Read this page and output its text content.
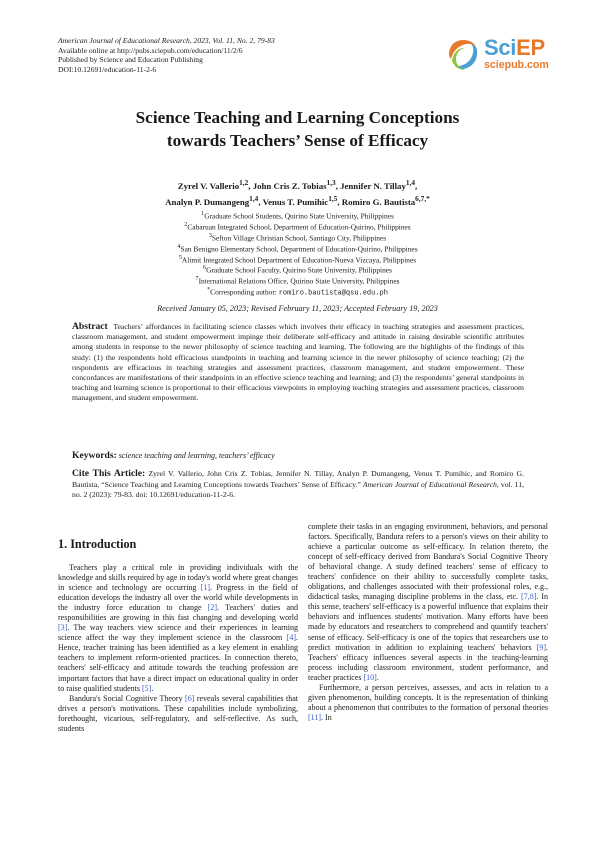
American Journal of Educational Research, 2023, Vol. 11, No. 2, 79-83
Available online at http://pubs.sciepub.com/education/11/2/6
Published by Science and Education Publishing
DOI:10.12691/education-11-2-6
SciEP
sciepub.com
Science Teaching and Learning Conceptions
towards Teachers’ Sense of Efficacy
Zyrel V. Vallerio$^{1,2}$, John Cris Z. Tobias$^{1,3}$, Jennifer N. Tillay$^{1,4}$,
Analyn P. Dumangeng$^{1,4}$, Venus T. Pumihic$^{1,5}$, Romiro G. Bautista$^{6,7,*}$
$^1$Graduate School Students, Quirino State University, Philippines
$^2$Cabaruan Integrated School, Department of Education-Quirino, Philippines
$^3$Sefton Village Christian School, Santiago City, Philippines
$^4$San Benigno Elementary School, Department of Education-Quirino, Philippines
$^5$Alimit Integrated School Department of Education-Nueva Vizcaya, Philippines
$^6$Graduate School Faculty, Quirino State University, Philippines
$^7$International Relations Office, Quirino State University, Philippines
*Corresponding author: romiro.bautista@qsu.edu.ph
Received January 05, 2023; Revised February 11, 2023; Accepted February 19, 2023
Abstract Teachers’ affordances in facilitating science classes which involves their efficacy in teaching strategies and assessment practices, classroom management, and student empowerment impinge their deliberate self-efficacy and attitude in raising desirable scientific attributes among students in response to the newer philosophy of science teaching and learning. The following are the highlights of the findings of this study: (1) the respondents hold efficacious standpoints in teaching and learning science in the newer philosophy of science teaching; (2) the respondents are efficacious in teaching strategies and assessment practices, classroom management, and student empowerment. These concordances are manifestations of their standpoints in an effective science teaching and learning; and (3) the respondents’ general standpoints in teaching and learning science is proportional to their efficacious viewpoints in employing teaching strategies and assessment practices, classroom management, and student empowerment.
Keywords: science teaching and learning, teachers’ efficacy
Cite This Article: Zyrel V. Vallerio, John Cris Z. Tobias, Jennifer N. Tillay, Analyn P. Dumangeng, Venus T. Pumihic, and Romiro G. Bautista, “Science Teaching and Learning Conceptions towards Teachers’ Sense of Efficacy.” American Journal of Educational Research, vol. 11, no. 2 (2023): 79-83. doi: 10.12691/education-11-2-6.
1. Introduction

Teachers play a critical role in providing individuals with the knowledge and skills required by age in today's world where great changes in science and technology are occurring [1]. Progress in the field of education develops the industry all over the world while developments in the industry force education to change [2]. Teachers' duties and responsibilities are growing in this fast changing and developing world [3]. The way teachers view science and their experiences in learning science affect the way they implement science in the classroom [4]. Hence, teacher training has been identified as a key element in enabling teachers to implement reform-oriented practices. In connection thereto, teachers' self-efficacy and attitude towards the teaching profession are important factors that have a direct impact on educational quality in order to raise qualified students [5].

Bandura's Social Cognitive Theory [6] reveals several capabilities that drives a person's motivations. These capabilities include symbolizing, forethought, vicarious, self-regulatory, and self-reflective. As such, students

complete their tasks in an engaging environment, behaviors, and personal factors. Specifically, Bandura refers to a person's views on their ability to achieve a particular outcome as self-efficacy. In relation thereto, the concept of self-efficacy derived from Bandura's Social Cognitive Theory of behavioral change. A study defined teachers' sense of efficacy to teachers' confidence on their ability to successfully complete tasks, obligations, and challenges associated with their professional roles, e.g., didactical tasks, managing discipline problems in the class, etc. [7,8]. In this sense, teachers' self-efficacy is a powerful influence that explains their behaviors and influences students' motivation. Many efforts have been made by educators and researchers to comprehend and quantify teachers' sense of efficacy. Self-efficacy is one of the topics that researchers use to predict motivation in addition to explaining teachers' behaviors [9]. Teachers' efficacy influences several aspects in the teaching-learning process including classroom environment, student performance, and teacher practices [10].

Furthermore, a person perceives, assesses, and acts in relation to a given phenomenon, building concepts. It is the representation of thinking about a phenomenon that contributes to the formation of personal theories [11]. In
